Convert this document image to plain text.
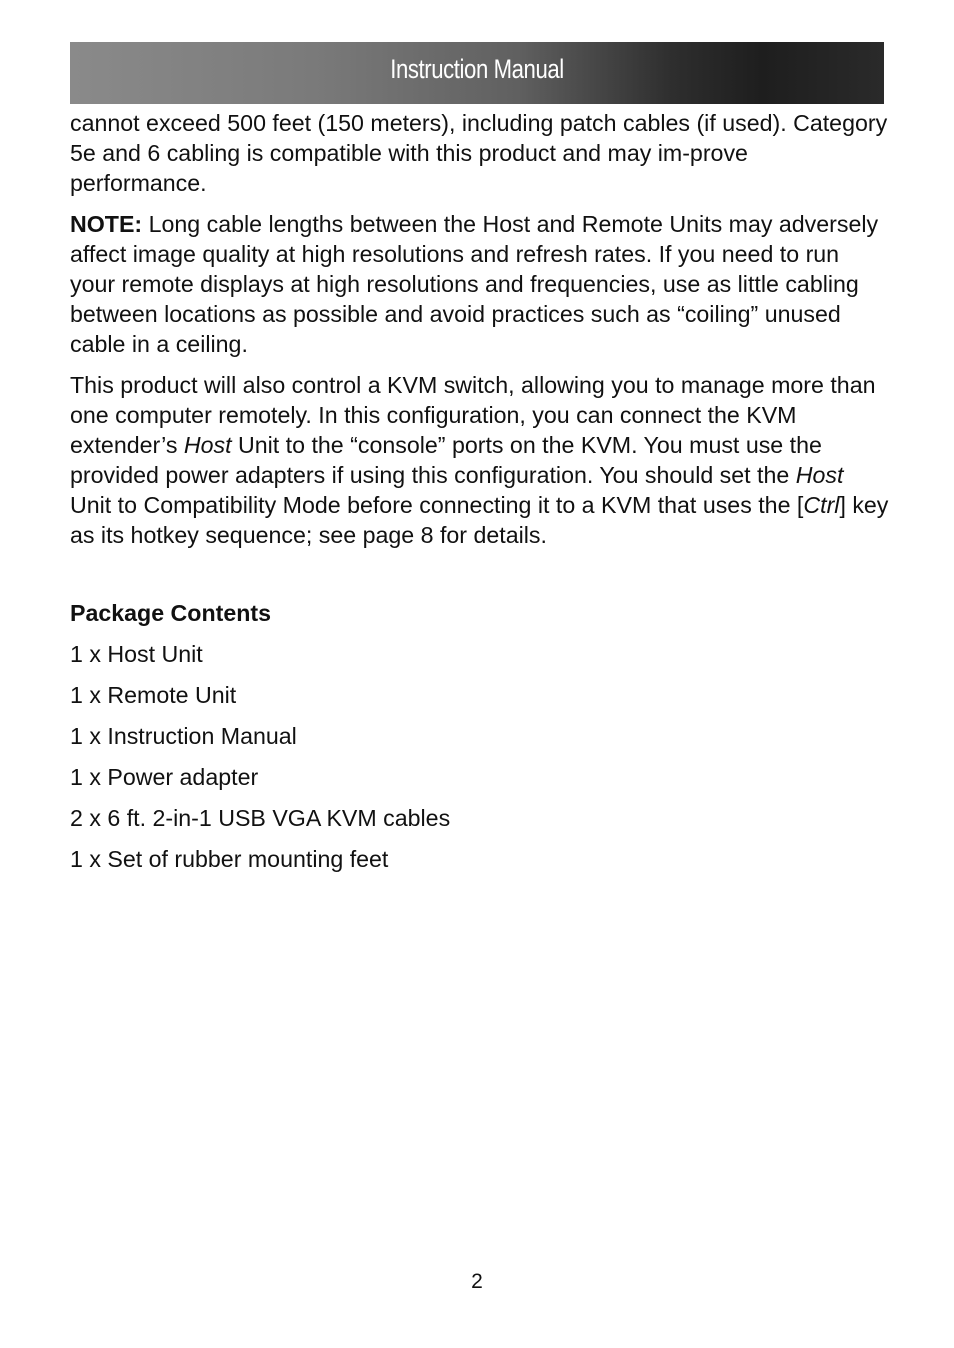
Instruction Manual

cannot exceed 500 feet (150 meters), including patch cables (if used). Category 5e and 6 cabling is compatible with this product and may im-prove performance.

NOTE: Long cable lengths between the Host and Remote Units may adversely affect image quality at high resolutions and refresh rates. If you need to run your remote displays at high resolutions and frequencies, use as little cabling between locations as possible and avoid practices such as “coiling” unused cable in a ceiling.

This product will also control a KVM switch, allowing you to manage more than one computer remotely. In this configuration, you can connect the KVM extender’s Host Unit to the “console” ports on the KVM. You must use the provided power adapters if using this configuration. You should set the Host Unit to Compatibility Mode before connecting it to a KVM that uses the [Ctrl] key as its hotkey sequence; see page 8 for details.

Package Contents
1 x Host Unit
1 x Remote Unit
1 x Instruction Manual
1 x Power adapter
2 x 6 ft. 2-in-1 USB VGA KVM cables
1 x Set of rubber mounting feet
2
